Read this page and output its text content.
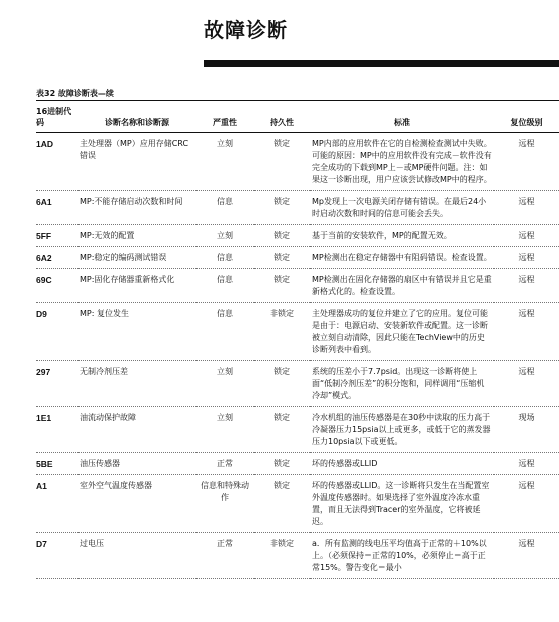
故障诊断
表32 故障诊断表—续
16进制代码	诊断名称和诊断源	严重性	持久性	标准	复位级别
1AD	主处理器（MP）应用存储CRC错误	立刻	锁定	MP内部的应用软件在它的自检测检查测试中失败。可能的原因：MP中的应用软件没有完成－软件没有完全成功的下载到MP上－或MP硬件问题。注：如果这一诊断出现，用户应该尝试修改MP中的程序。	远程
6A1	MP:不能存储启动次数和时间	信息	锁定	Mp发现上一次电源关闭存储有错误。在最后24小时启动次数和时间的信息可能会丢失。	远程
5FF	MP:无效的配置	立刻	锁定	基于当前的安装软件，MP的配置无效。	远程
6A2	MP:稳定的编码测试错误	信息	锁定	MP检测出在稳定存储器中有阻码错误。检查设置。	远程
69C	MP:固化存储器重新格式化	信息	锁定	MP检测出在固化存储器的扇区中有错误并且它是重新格式化的。检查设置。	远程
D9	MP: 复位发生	信息	非锁定	主处理器成功的复位并建立了它的应用。复位可能是由于：电源启动、安装新软件或配置。这一诊断被立刻自动清除，因此只能在TechView中的历史诊断列表中看到。	远程
297	无制冷剂压差	立刻	锁定	系统的压差小于7.7psid。出现这一诊断将使上面“低制冷剂压差”的积分饱和，同样调用“压缩机冷却”模式。	远程
1E1	油流动保护故障	立刻	锁定	冷水机组的油压传感器是在30秒中读取的压力高于冷凝器压力15psia以上或更多，或低于它的蒸发器压力10psia以下或更低。	现场
5BE	油压传感器	正常	锁定	坏的传感器或LLID	远程
A1	室外空气温度传感器	信息和特殊动作	锁定	坏的传感器或LLID。这一诊断将只发生在当配置室外温度传感器时。如果选择了室外温度冷冻水重置，而且无法得到Tracer的室外温度，它将被延迟。	远程
D7	过电压	正常	非锁定	a．所有监测的线电压平均值高于正常的＋10%以上。（必须保持＝正常的10%，必须停止＝高于正常15%。警告变化＝最小	远程
